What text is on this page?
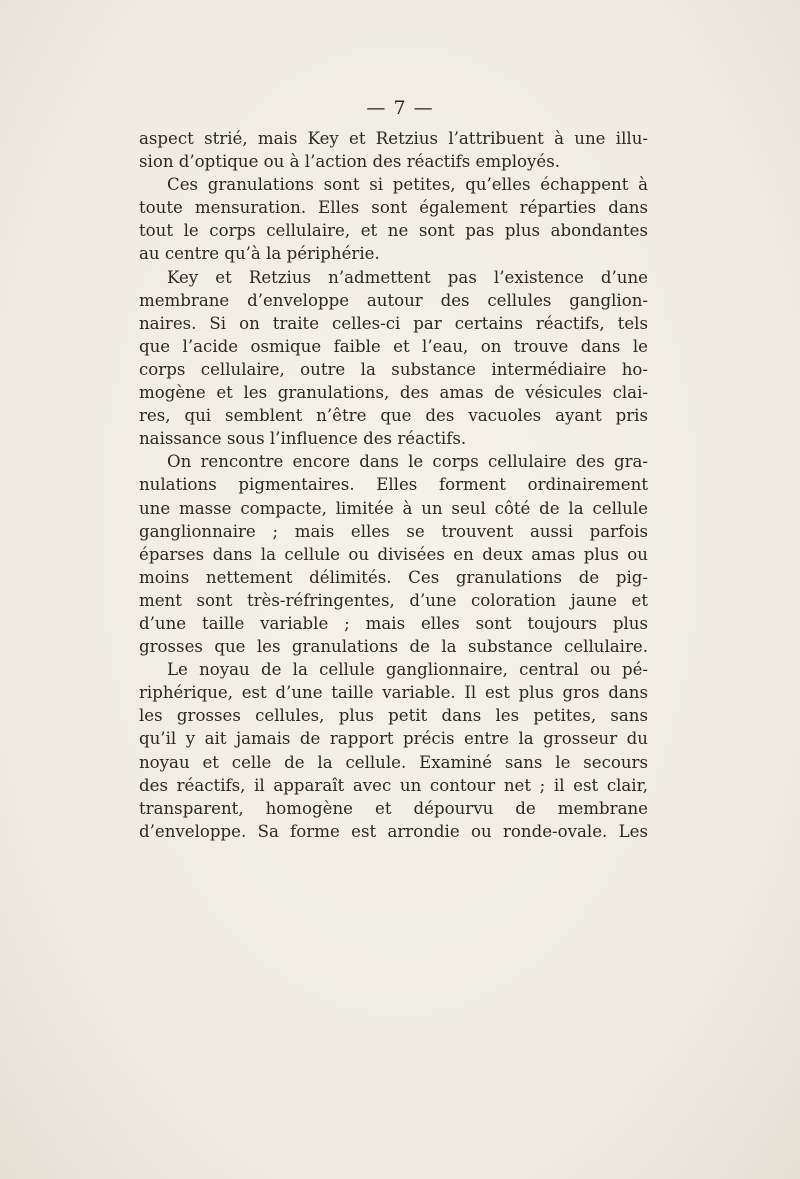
— 7 —
aspect strié, mais Key et Retzius l’attribuent à une illu-
sion d’optique ou à l’action des réactifs employés.
Ces granulations sont si petites, qu’elles échappent à
toute mensuration. Elles sont également réparties dans
tout le corps cellulaire, et ne sont pas plus abondantes
au centre qu’à la périphérie.
Key et Retzius n’admettent pas l’existence d’une
membrane d’enveloppe autour des cellules ganglion-
naires. Si on traite celles-ci par certains réactifs, tels
que l’acide osmique faible et l’eau, on trouve dans le
corps cellulaire, outre la substance intermédiaire ho-
mogène et les granulations, des amas de vésicules clai-
res, qui semblent n’être que des vacuoles ayant pris
naissance sous l’influence des réactifs.
On rencontre encore dans le corps cellulaire des gra-
nulations pigmentaires. Elles forment ordinairement
une masse compacte, limitée à un seul côté de la cellule
ganglionnaire ; mais elles se trouvent aussi parfois
éparses dans la cellule ou divisées en deux amas plus ou
moins nettement délimités. Ces granulations de pig-
ment sont très-réfringentes, d’une coloration jaune et
d’une taille variable ; mais elles sont toujours plus
grosses que les granulations de la substance cellulaire.
Le noyau de la cellule ganglionnaire, central ou pé-
riphérique, est d’une taille variable. Il est plus gros dans
les grosses cellules, plus petit dans les petites, sans
qu’il y ait jamais de rapport précis entre la grosseur du
noyau et celle de la cellule. Examiné sans le secours
des réactifs, il apparaît avec un contour net ; il est clair,
transparent, homogène et dépourvu de membrane
d’enveloppe. Sa forme est arrondie ou ronde-ovale. Les
